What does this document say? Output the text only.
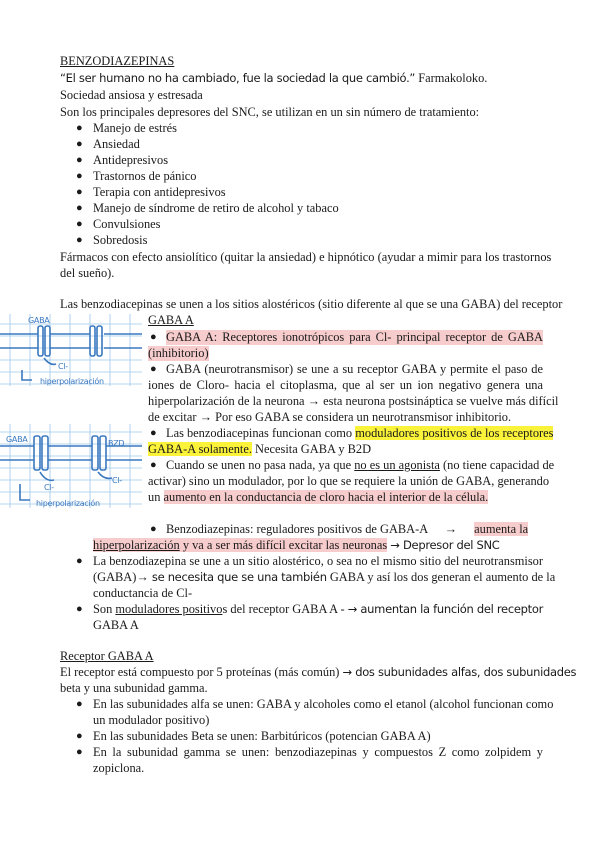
BENZODIAZEPINAS
“El ser humano no ha cambiado, fue la sociedad la que cambió.” Farmakoloko.
Sociedad ansiosa y estresada
Son los principales depresores del SNC, se utilizan en un sin número de tratamiento:
● Manejo de estrés
● Ansiedad
● Antidepresivos
● Trastornos de pánico
● Terapia con antidepresivos
● Manejo de síndrome de retiro de alcohol y tabaco
● Convulsiones
● Sobredosis
Fármacos con efecto ansiolítico (quitar la ansiedad) e hipnótico (ayudar a mimir para los trastornos
del sueño).
Las benzodiacepinas se unen a los sitios alostéricos (sitio diferente al que se una GABA) del receptor
GABA A
GABA
Cl-
hiperpolarización
● GABA A: Receptores ionotrópicos para Cl- principal receptor de GABA
(inhibitorio)
● GABA (neurotransmisor) se une a su receptor GABA y permite el paso de
iones de Cloro- hacia el citoplasma, que al ser un ion negativo genera una
hiperpolarización de la neurona → esta neurona postsináptica se vuelve más difícil
de excitar → Por eso GABA se considera un neurotransmisor inhibitorio.
GABA	BZD
Cl-
Cl-
hiperpolarización
● Las benzodiacepinas funcionan como moduladores positivos de los receptores
GABA-A solamente. Necesita GABA y B2D
● Cuando se unen no pasa nada, ya que no es un agonista (no tiene capacidad de
activar) sino un modulador, por lo que se requiere la unión de GABA, generando
un aumento en la conductancia de cloro hacia el interior de la célula.
● Benzodiazepinas: reguladores positivos de GABA-A → aumenta la
hiperpolarización y va a ser más difícil excitar las neuronas → Depresor del SNC
● La benzodiazepina se une a un sitio alostérico, o sea no el mismo sitio del neurotransmisor
(GABA)→ se necesita que se una también GABA y así los dos generan el aumento de la
conductancia de Cl-
● Son moduladores positivos del receptor GABA A - → aumentan la función del receptor
GABA A
Receptor GABA A
El receptor está compuesto por 5 proteínas (más común) → dos subunidades alfas, dos subunidades
beta y una subunidad gamma.
● En las subunidades alfa se unen: GABA y alcoholes como el etanol (alcohol funcionan como
un modulador positivo)
● En las subunidades Beta se unen: Barbitúricos (potencian GABA A)
● En la subunidad gamma se unen: benzodiazepinas y compuestos Z como zolpidem y
zopiclona.
